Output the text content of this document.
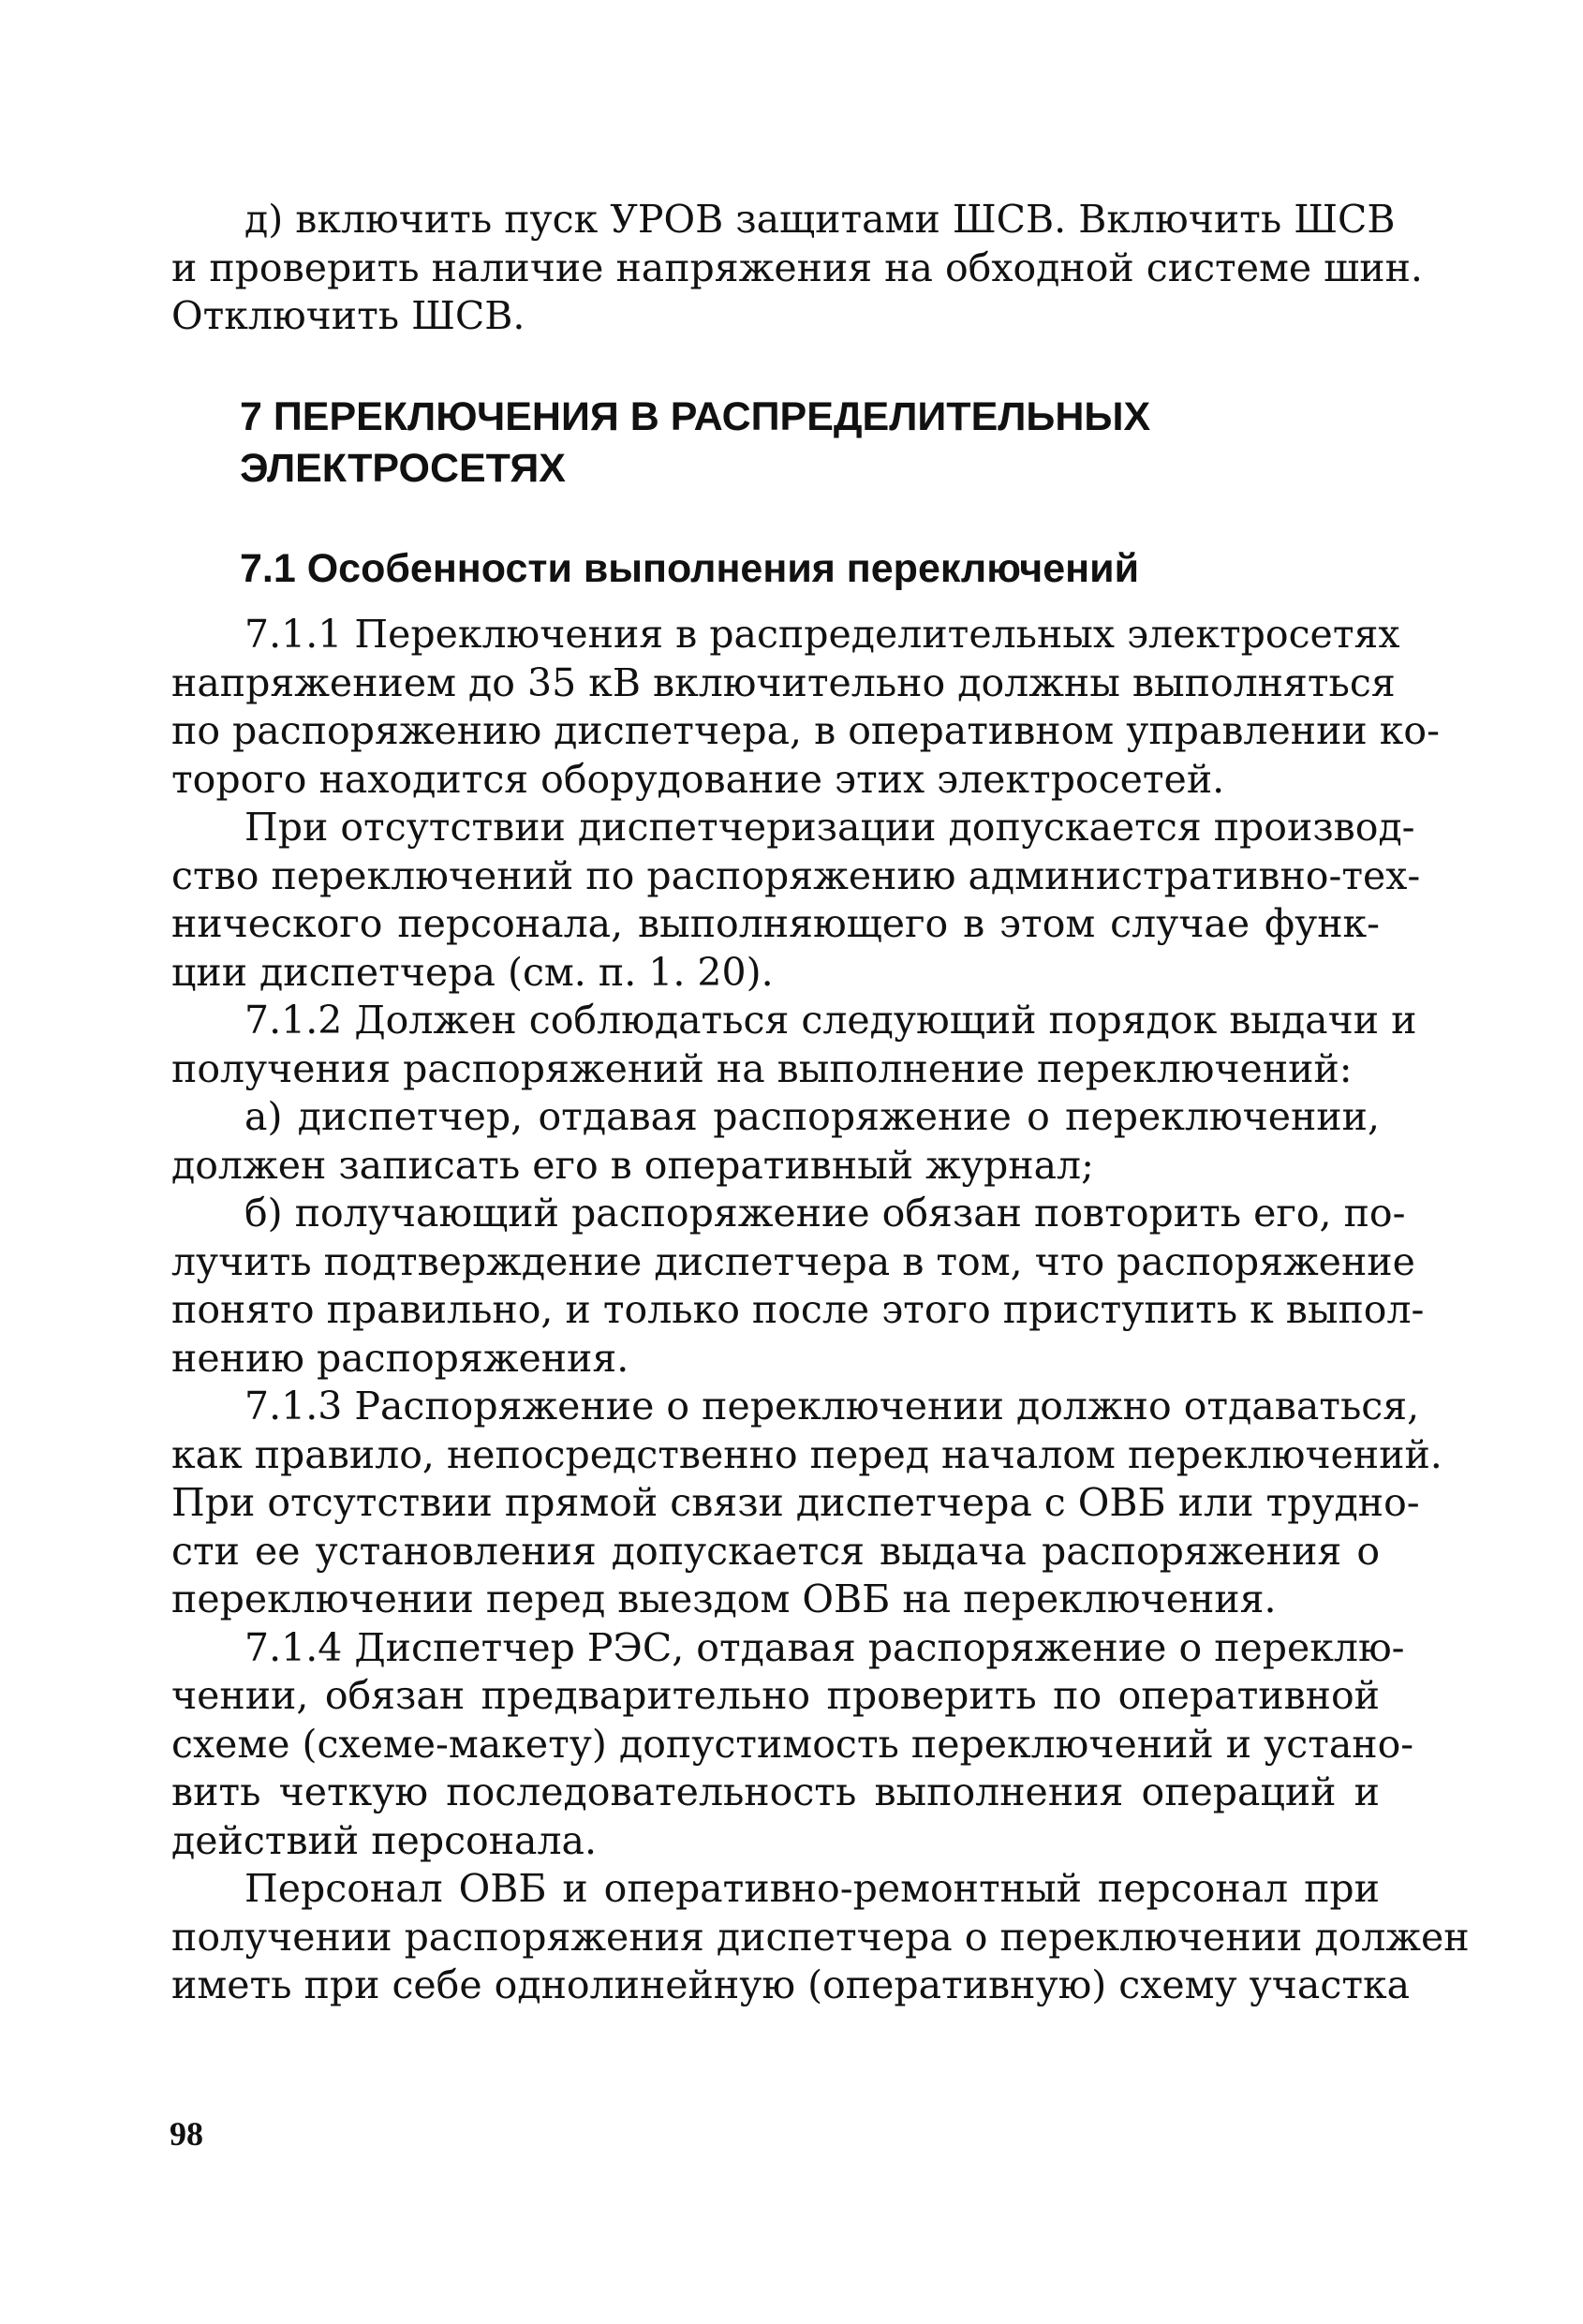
д) включить пуск УРОВ защитами ШСВ. Включить ШСВ
и проверить наличие напряжения на обходной системе шин.
Отключить ШСВ.
7 ПЕРЕКЛЮЧЕНИЯ В РАСПРЕДЕЛИТЕЛЬНЫХ
ЭЛЕКТРОСЕТЯХ
7.1 Особенности выполнения переключений
7.1.1 Переключения в распределительных электросетях
напряжением до 35 кВ включительно должны выполняться
по распоряжению диспетчера, в оперативном управлении ко-
торого находится оборудование этих электросетей.
При отсутствии диспетчеризации допускается производ-
ство переключений по распоряжению административно-тех-
нического персонала, выполняющего в этом случае функ-
ции диспетчера (см. п. 1. 20).
7.1.2 Должен соблюдаться следующий порядок выдачи и
получения распоряжений на выполнение переключений:
а) диспетчер, отдавая распоряжение о переключении,
должен записать его в оперативный журнал;
б) получающий распоряжение обязан повторить его, по-
лучить подтверждение диспетчера в том, что распоряжение
понято правильно, и только после этого приступить к выпол-
нению распоряжения.
7.1.3 Распоряжение о переключении должно отдаваться,
как правило, непосредственно перед началом переключений.
При отсутствии прямой связи диспетчера с ОВБ или трудно-
сти ее установления допускается выдача распоряжения о
переключении перед выездом ОВБ на переключения.
7.1.4 Диспетчер РЭС, отдавая распоряжение о переклю-
чении, обязан предварительно проверить по оперативной
схеме (схеме-макету) допустимость переключений и устано-
вить четкую последовательность выполнения операций и
действий персонала.
Персонал ОВБ и оперативно-ремонтный персонал при
получении распоряжения диспетчера о переключении должен
иметь при себе однолинейную (оперативную) схему участка
98
